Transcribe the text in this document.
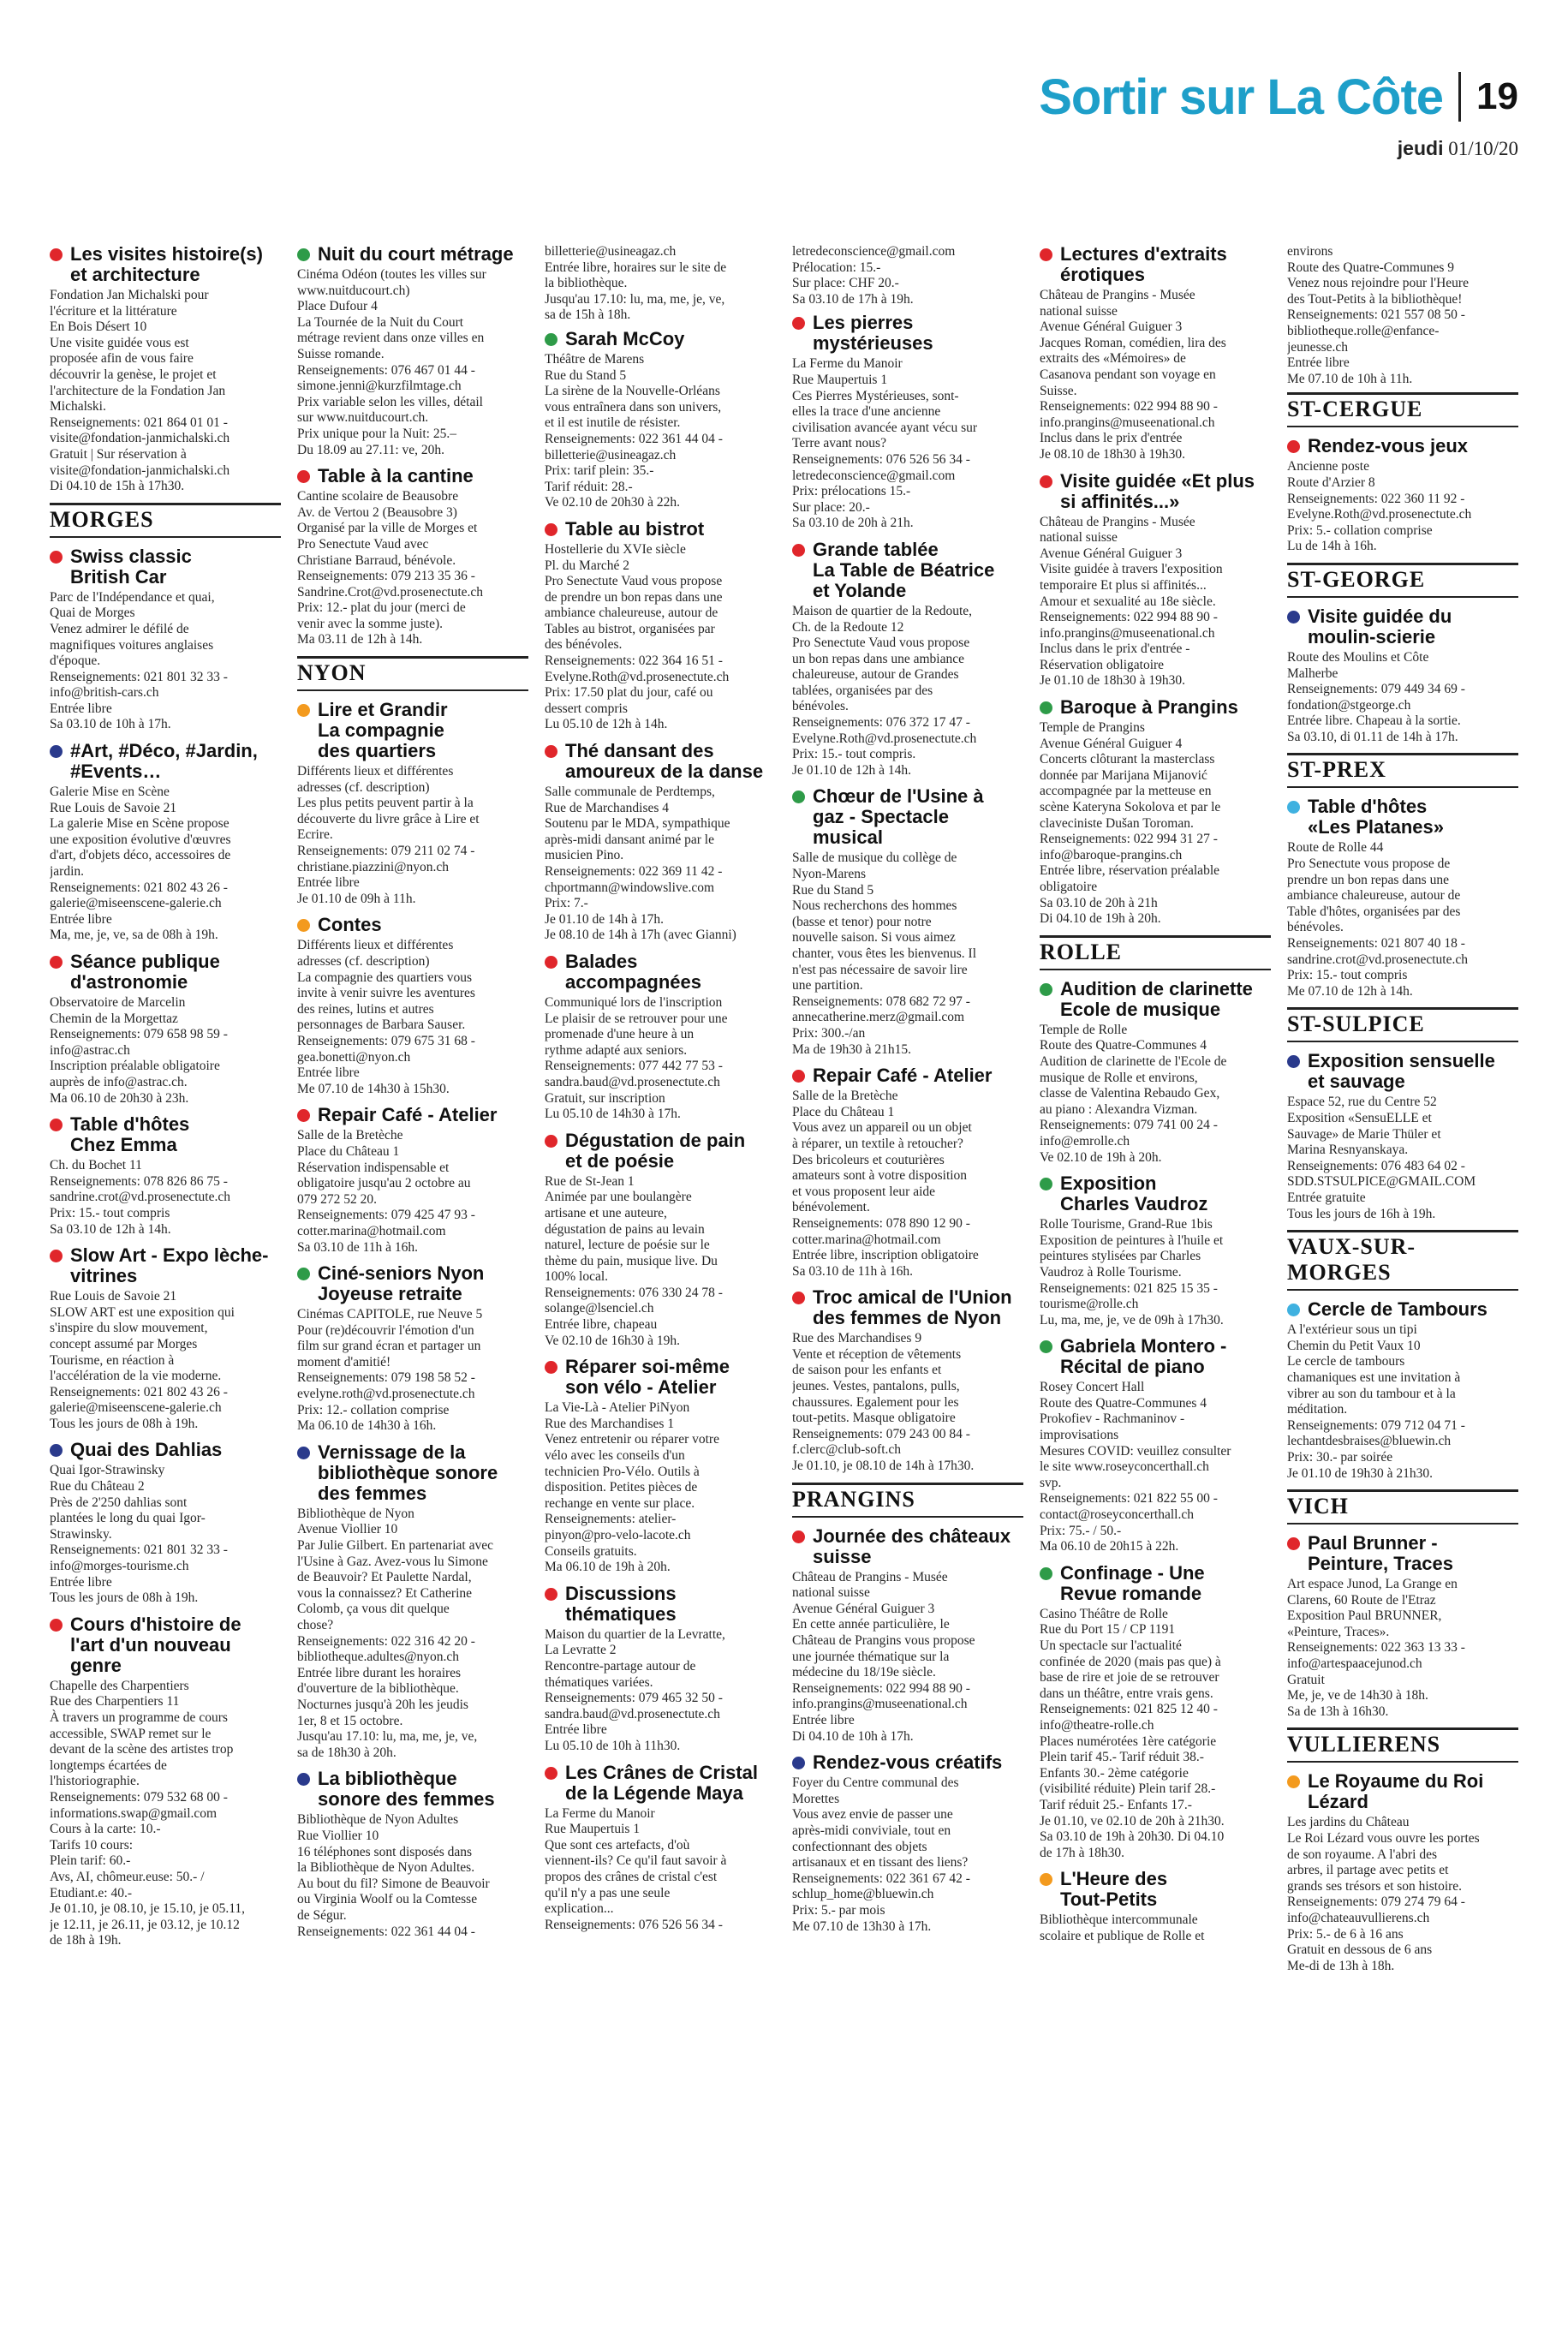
Sortir sur La Côte 19
jeudi 01/10/20
Les visites histoire(s)
et architecture
Fondation Jan Michalski pour
l'écriture et la littérature
En Bois Désert 10
Une visite guidée vous est
proposée afin de vous faire
découvrir la genèse, le projet et
l'architecture de la Fondation Jan
Michalski.
Renseignements: 021 864 01 01 -
visite@fondation-janmichalski.ch
Gratuit | Sur réservation à
visite@fondation-janmichalski.ch
Di 04.10 de 15h à 17h30.
MORGES
Swiss classic
British Car
Parc de l'Indépendance et quai,
Quai de Morges
Venez admirer le défilé de
magnifiques voitures anglaises
d'époque.
Renseignements: 021 801 32 33 -
info@british-cars.ch
Entrée libre
Sa 03.10 de 10h à 17h.
#Art, #Déco, #Jardin,
#Events…
Galerie Mise en Scène
Rue Louis de Savoie 21
La galerie Mise en Scène propose
une exposition évolutive d'œuvres
d'art, d'objets déco, accessoires de
jardin.
Renseignements: 021 802 43 26 -
galerie@miseenscene-galerie.ch
Entrée libre
Ma, me, je, ve, sa de 08h à 19h.
Séance publique
d'astronomie
Observatoire de Marcelin
Chemin de la Morgettaz
Renseignements: 079 658 98 59 -
info@astrac.ch
Inscription préalable obligatoire
auprès de info@astrac.ch.
Ma 06.10 de 20h30 à 23h.
Table d'hôtes
Chez Emma
Ch. du Bochet 11
Renseignements: 078 826 86 75 -
sandrine.crot@vd.prosenectute.ch
Prix: 15.- tout compris
Sa 03.10 de 12h à 14h.
Slow Art - Expo lèche-
vitrines
Rue Louis de Savoie 21
SLOW ART est une exposition qui
s'inspire du slow mouvement,
concept assumé par Morges
Tourisme, en réaction à
l'accélération de la vie moderne.
Renseignements: 021 802 43 26 -
galerie@miseenscene-galerie.ch
Tous les jours de 08h à 19h.
Quai des Dahlias
Quai Igor-Strawinsky
Rue du Château 2
Près de 2'250 dahlias sont
plantées le long du quai Igor-
Strawinsky.
Renseignements: 021 801 32 33 -
info@morges-tourisme.ch
Entrée libre
Tous les jours de 08h à 19h.
Cours d'histoire de
l'art d'un nouveau
genre
Chapelle des Charpentiers
Rue des Charpentiers 11
À travers un programme de cours
accessible, SWAP remet sur le
devant de la scène des artistes trop
longtemps écartées de
l'historiographie.
Renseignements: 079 532 68 00 -
informations.swap@gmail.com
Cours à la carte: 10.-
Tarifs 10 cours:
Plein tarif: 60.-
Avs, AI, chômeur.euse: 50.- /
Etudiant.e: 40.-
Je 01.10, je 08.10, je 15.10, je 05.11,
je 12.11, je 26.11, je 03.12, je 10.12
de 18h à 19h.
Nuit du court métrage
Cinéma Odéon (toutes les villes sur
www.nuitducourt.ch)
Place Dufour 4
La Tournée de la Nuit du Court
métrage revient dans onze villes en
Suisse romande.
Renseignements: 076 467 01 44 -
simone.jenni@kurzfilmtage.ch
Prix variable selon les villes, détail
sur www.nuitducourt.ch.
Prix unique pour la Nuit: 25.–
Du 18.09 au 27.11: ve, 20h.
Table à la cantine
Cantine scolaire de Beausobre
Av. de Vertou 2 (Beausobre 3)
Organisé par la ville de Morges et
Pro Senectute Vaud avec
Christiane Barraud, bénévole.
Renseignements: 079 213 35 36 -
Sandrine.Crot@vd.prosenectute.ch
Prix: 12.- plat du jour (merci de
venir avec la somme juste).
Ma 03.11 de 12h à 14h.
NYON
Lire et Grandir
La compagnie
des quartiers
Différents lieux et différentes
adresses (cf. description)
Les plus petits peuvent partir à la
découverte du livre grâce à Lire et
Ecrire.
Renseignements: 079 211 02 74 -
christiane.piazzini@nyon.ch
Entrée libre
Je 01.10 de 09h à 11h.
Contes
Différents lieux et différentes
adresses (cf. description)
La compagnie des quartiers vous
invite à venir suivre les aventures
des reines, lutins et autres
personnages de Barbara Sauser.
Renseignements: 079 675 31 68 -
gea.bonetti@nyon.ch
Entrée libre
Me 07.10 de 14h30 à 15h30.
Repair Café - Atelier
Salle de la Bretèche
Place du Château 1
Réservation indispensable et
obligatoire jusqu'au 2 octobre au
079 272 52 20.
Renseignements: 079 425 47 93 -
cotter.marina@hotmail.com
Sa 03.10 de 11h à 16h.
Ciné-seniors Nyon
Joyeuse retraite
Cinémas CAPITOLE, rue Neuve 5
Pour (re)découvrir l'émotion d'un
film sur grand écran et partager un
moment d'amitié!
Renseignements: 079 198 58 52 -
evelyne.roth@vd.prosenectute.ch
Prix: 12.- collation comprise
Ma 06.10 de 14h30 à 16h.
Vernissage de la
bibliothèque sonore
des femmes
Bibliothèque de Nyon
Avenue Viollier 10
Par Julie Gilbert. En partenariat avec
l'Usine à Gaz. Avez-vous lu Simone
de Beauvoir? Et Paulette Nardal,
vous la connaissez? Et Catherine
Colomb, ça vous dit quelque
chose?
Renseignements: 022 316 42 20 -
bibliotheque.adultes@nyon.ch
Entrée libre durant les horaires
d'ouverture de la bibliothèque.
Nocturnes jusqu'à 20h les jeudis
1er, 8 et 15 octobre.
Jusqu'au 17.10: lu, ma, me, je, ve,
sa de 18h30 à 20h.
La bibliothèque
sonore des femmes
Bibliothèque de Nyon Adultes
Rue Viollier 10
16 téléphones sont disposés dans
la Bibliothèque de Nyon Adultes.
Au bout du fil? Simone de Beauvoir
ou Virginia Woolf ou la Comtesse
de Ségur.
Renseignements: 022 361 44 04 -
billetterie@usineagaz.ch
Entrée libre, horaires sur le site de
la bibliothèque.
Jusqu'au 17.10: lu, ma, me, je, ve,
sa de 15h à 18h.
Sarah McCoy
Théâtre de Marens
Rue du Stand 5
La sirène de la Nouvelle-Orléans
vous entraînera dans son univers,
et il est inutile de résister.
Renseignements: 022 361 44 04 -
billetterie@usineagaz.ch
Prix: tarif plein: 35.-
Tarif réduit: 28.-
Ve 02.10 de 20h30 à 22h.
Table au bistrot
Hostellerie du XVIe siècle
Pl. du Marché 2
Pro Senectute Vaud vous propose
de prendre un bon repas dans une
ambiance chaleureuse, autour de
Tables au bistrot, organisées par
des bénévoles.
Renseignements: 022 364 16 51 -
Evelyne.Roth@vd.prosenectute.ch
Prix: 17.50 plat du jour, café ou
dessert compris
Lu 05.10 de 12h à 14h.
Thé dansant des
amoureux de la danse
Salle communale de Perdtemps,
Rue de Marchandises 4
Soutenu par le MDA, sympathique
après-midi dansant animé par le
musicien Pino.
Renseignements: 022 369 11 42 -
chportmann@windowslive.com
Prix: 7.-
Je 01.10 de 14h à 17h.
Je 08.10 de 14h à 17h (avec Gianni)
Balades
accompagnées
Communiqué lors de l'inscription
Le plaisir de se retrouver pour une
promenade d'une heure à un
rythme adapté aux seniors.
Renseignements: 077 442 77 53 -
sandra.baud@vd.prosenectute.ch
Gratuit, sur inscription
Lu 05.10 de 14h30 à 17h.
Dégustation de pain
et de poésie
Rue de St-Jean 1
Animée par une boulangère
artisane et une auteure,
dégustation de pains au levain
naturel, lecture de poésie sur le
thème du pain, musique live. Du
100% local.
Renseignements: 076 330 24 78 -
solange@lsenciel.ch
Entrée libre, chapeau
Ve 02.10 de 16h30 à 19h.
Réparer soi-même
son vélo - Atelier
La Vie-Là - Atelier PiNyon
Rue des Marchandises 1
Venez entretenir ou réparer votre
vélo avec les conseils d'un
technicien Pro-Vélo. Outils à
disposition. Petites pièces de
rechange en vente sur place.
Renseignements: atelier-
pinyon@pro-velo-lacote.ch
Conseils gratuits.
Ma 06.10 de 19h à 20h.
Discussions
thématiques
Maison du quartier de la Levratte,
La Levratte 2
Rencontre-partage autour de
thématiques variées.
Renseignements: 079 465 32 50 -
sandra.baud@vd.prosenectute.ch
Entrée libre
Lu 05.10 de 10h à 11h30.
Les Crânes de Cristal
de la Légende Maya
La Ferme du Manoir
Rue Maupertuis 1
Que sont ces artefacts, d'où
viennent-ils? Ce qu'il faut savoir à
propos des crânes de cristal c'est
qu'il n'y a pas une seule
explication...
Renseignements: 076 526 56 34 -
letredeconscience@gmail.com
Prélocation: 15.-
Sur place: CHF 20.-
Sa 03.10 de 17h à 19h.
Les pierres
mystérieuses
La Ferme du Manoir
Rue Maupertuis 1
Ces Pierres Mystérieuses, sont-
elles la trace d'une ancienne
civilisation avancée ayant vécu sur
Terre avant nous?
Renseignements: 076 526 56 34 -
letredeconscience@gmail.com
Prix: prélocations 15.-
Sur place: 20.-
Sa 03.10 de 20h à 21h.
Grande tablée
La Table de Béatrice
et Yolande
Maison de quartier de la Redoute,
Ch. de la Redoute 12
Pro Senectute Vaud vous propose
un bon repas dans une ambiance
chaleureuse, autour de Grandes
tablées, organisées par des
bénévoles.
Renseignements: 076 372 17 47 -
Evelyne.Roth@vd.prosenectute.ch
Prix: 15.- tout compris.
Je 01.10 de 12h à 14h.
Chœur de l'Usine à
gaz - Spectacle
musical
Salle de musique du collège de
Nyon-Marens
Rue du Stand 5
Nous recherchons des hommes
(basse et tenor) pour notre
nouvelle saison. Si vous aimez
chanter, vous êtes les bienvenus. Il
n'est pas nécessaire de savoir lire
une partition.
Renseignements: 078 682 72 97 -
annecatherine.merz@gmail.com
Prix: 300.-/an
Ma de 19h30 à 21h15.
Repair Café - Atelier
Salle de la Bretèche
Place du Château 1
Vous avez un appareil ou un objet
à réparer, un textile à retoucher?
Des bricoleurs et couturières
amateurs sont à votre disposition
et vous proposent leur aide
bénévolement.
Renseignements: 078 890 12 90 -
cotter.marina@hotmail.com
Entrée libre, inscription obligatoire
Sa 03.10 de 11h à 16h.
Troc amical de l'Union
des femmes de Nyon
Rue des Marchandises 9
Vente et réception de vêtements
de saison pour les enfants et
jeunes. Vestes, pantalons, pulls,
chaussures. Egalement pour les
tout-petits. Masque obligatoire
Renseignements: 079 243 00 84 -
f.clerc@club-soft.ch
Je 01.10, je 08.10 de 14h à 17h30.
PRANGINS
Journée des châteaux
suisse
Château de Prangins - Musée
national suisse
Avenue Général Guiguer 3
En cette année particulière, le
Château de Prangins vous propose
une journée thématique sur la
médecine du 18/19e siècle.
Renseignements: 022 994 88 90 -
info.prangins@museenational.ch
Entrée libre
Di 04.10 de 10h à 17h.
Rendez-vous créatifs
Foyer du Centre communal des
Morettes
Vous avez envie de passer une
après-midi conviviale, tout en
confectionnant des objets
artisanaux et en tissant des liens?
Renseignements: 022 361 67 42 -
schlup_home@bluewin.ch
Prix: 5.- par mois
Me 07.10 de 13h30 à 17h.
Lectures d'extraits
érotiques
Château de Prangins - Musée
national suisse
Avenue Général Guiguer 3
Jacques Roman, comédien, lira des
extraits des «Mémoires» de
Casanova pendant son voyage en
Suisse.
Renseignements: 022 994 88 90 -
info.prangins@museenational.ch
Inclus dans le prix d'entrée
Je 08.10 de 18h30 à 19h30.
Visite guidée «Et plus
si affinités...»
Château de Prangins - Musée
national suisse
Avenue Général Guiguer 3
Visite guidée à travers l'exposition
temporaire Et plus si affinités...
Amour et sexualité au 18e siècle.
Renseignements: 022 994 88 90 -
info.prangins@museenational.ch
Inclus dans le prix d'entrée -
Réservation obligatoire
Je 01.10 de 18h30 à 19h30.
Baroque à Prangins
Temple de Prangins
Avenue Général Guiguer 4
Concerts clôturant la masterclass
donnée par Marijana Mijanović
accompagnée par la metteuse en
scène Kateryna Sokolova et par le
claveciniste Dušan Toroman.
Renseignements: 022 994 31 27 -
info@baroque-prangins.ch
Entrée libre, réservation préalable
obligatoire
Sa 03.10 de 20h à 21h
Di 04.10 de 19h à 20h.
ROLLE
Audition de clarinette
Ecole de musique
Temple de Rolle
Route des Quatre-Communes 4
Audition de clarinette de l'Ecole de
musique de Rolle et environs,
classe de Valentina Rebaudo Gex,
au piano : Alexandra Vizman.
Renseignements: 079 741 00 24 -
info@emrolle.ch
Ve 02.10 de 19h à 20h.
Exposition
Charles Vaudroz
Rolle Tourisme, Grand-Rue 1bis
Exposition de peintures à l'huile et
peintures stylisées par Charles
Vaudroz à Rolle Tourisme.
Renseignements: 021 825 15 35 -
tourisme@rolle.ch
Lu, ma, me, je, ve de 09h à 17h30.
Gabriela Montero -
Récital de piano
Rosey Concert Hall
Route des Quatre-Communes 4
Prokofiev - Rachmaninov -
improvisations
Mesures COVID: veuillez consulter
le site www.roseyconcerthall.ch
svp.
Renseignements: 021 822 55 00 -
contact@roseyconcerthall.ch
Prix: 75.- / 50.-
Ma 06.10 de 20h15 à 22h.
Confinage - Une
Revue romande
Casino Théâtre de Rolle
Rue du Port 15 / CP 1191
Un spectacle sur l'actualité
confinée de 2020 (mais pas que) à
base de rire et joie de se retrouver
dans un théâtre, entre vrais gens.
Renseignements: 021 825 12 40 -
info@theatre-rolle.ch
Places numérotées 1ère catégorie
Plein tarif 45.- Tarif réduit 38.-
Enfants 30.- 2ème catégorie
(visibilité réduite) Plein tarif 28.-
Tarif réduit 25.- Enfants 17.-
Je 01.10, ve 02.10 de 20h à 21h30.
Sa 03.10 de 19h à 20h30. Di 04.10
de 17h à 18h30.
L'Heure des
Tout-Petits
Bibliothèque intercommunale
scolaire et publique de Rolle et
environs
Route des Quatre-Communes 9
Venez nous rejoindre pour l'Heure
des Tout-Petits à la bibliothèque!
Renseignements: 021 557 08 50 -
bibliotheque.rolle@enfance-
jeunesse.ch
Entrée libre
Me 07.10 de 10h à 11h.
ST-CERGUE
Rendez-vous jeux
Ancienne poste
Route d'Arzier 8
Renseignements: 022 360 11 92 -
Evelyne.Roth@vd.prosenectute.ch
Prix: 5.- collation comprise
Lu de 14h à 16h.
ST-GEORGE
Visite guidée du
moulin-scierie
Route des Moulins et Côte
Malherbe
Renseignements: 079 449 34 69 -
fondation@stgeorge.ch
Entrée libre. Chapeau à la sortie.
Sa 03.10, di 01.11 de 14h à 17h.
ST-PREX
Table d'hôtes
«Les Platanes»
Route de Rolle 44
Pro Senectute vous propose de
prendre un bon repas dans une
ambiance chaleureuse, autour de
Table d'hôtes, organisées par des
bénévoles.
Renseignements: 021 807 40 18 -
sandrine.crot@vd.prosenectute.ch
Prix: 15.- tout compris
Me 07.10 de 12h à 14h.
ST-SULPICE
Exposition sensuelle
et sauvage
Espace 52, rue du Centre 52
Exposition «SensuELLE et
Sauvage» de Marie Thüler et
Marina Resnyanskaya.
Renseignements: 076 483 64 02 -
SDD.STSULPICE@GMAIL.COM
Entrée gratuite
Tous les jours de 16h à 19h.
VAUX-SUR-MORGES
Cercle de Tambours
A l'extérieur sous un tipi
Chemin du Petit Vaux 10
Le cercle de tambours
chamaniques est une invitation à
vibrer au son du tambour et à la
méditation.
Renseignements: 079 712 04 71 -
lechantdesbraises@bluewin.ch
Prix: 30.- par soirée
Je 01.10 de 19h30 à 21h30.
VICH
Paul Brunner -
Peinture, Traces
Art espace Junod, La Grange en
Clarens, 60 Route de l'Etraz
Exposition Paul BRUNNER,
«Peinture, Traces».
Renseignements: 022 363 13 33 -
info@artespaacejunod.ch
Gratuit
Me, je, ve de 14h30 à 18h.
Sa de 13h à 16h30.
VULLIERENS
Le Royaume du Roi
Lézard
Les jardins du Château
Le Roi Lézard vous ouvre les portes
de son royaume. A l'abri des
arbres, il partage avec petits et
grands ses trésors et son histoire.
Renseignements: 079 274 79 64 -
info@chateauvullierens.ch
Prix: 5.- de 6 à 16 ans
Gratuit en dessous de 6 ans
Me-di de 13h à 18h.
